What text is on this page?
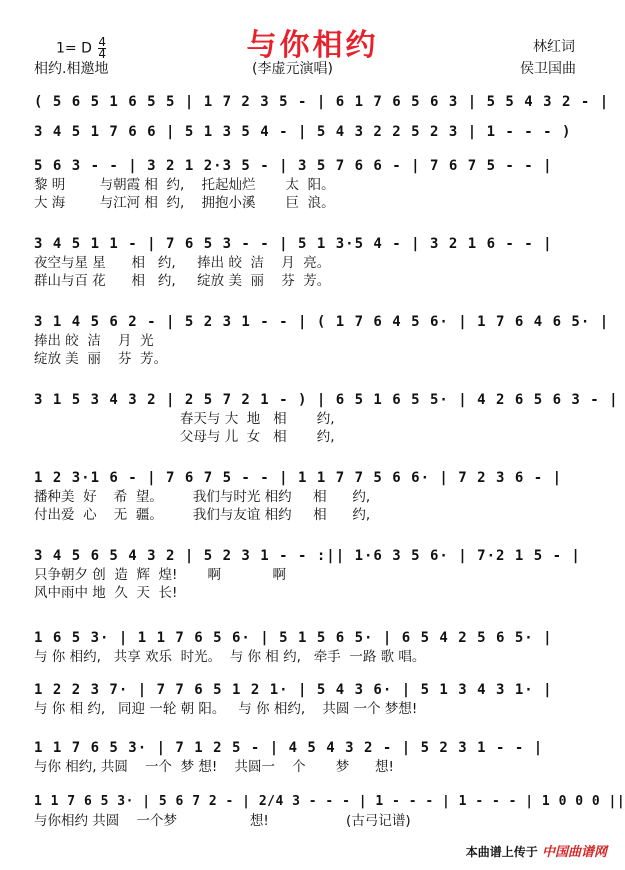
与你相约
1= D $\frac{4}{4}$
相约.相邀地	(李虚元演唱)
林红词
侯卫国曲
( 5 6 5 1 6 5 5 | 1 7 2 3 5 - | 6 1 7 6 5 6 3 | 5 5 4 3 2 - |
3 4 5 1 7 6 6 | 5 1 3 5 4 - | 5 4 3 2 2 5 2 3 | 1 - - - )
5 6 3 - - | 3 2 1 2·3 5 - | 3 5 7 6 6 - | 7 6 7 5 - - |
黎 明        与朝霞 相  约,    托起灿烂       太  阳。
大 海        与江河 相  约,    拥抱小溪       巨  浪。
3 4 5 1 1 - | 7 6 5 3 - - | 5 1 3·5 4 - | 3 2 1 6 - - |
夜空与星 星      相   约,     捧出 皎  洁    月  亮。
群山与百 花      相   约,     绽放 美  丽    芬  芳。
3 1 4 5 6 2 - | 5 2 3 1 - - | ( 1 7 6 4 5 6· | 1 7 6 4 6 5· |
捧出 皎  洁    月  光
绽放 美  丽    芬  芳。
3 1 5 3 4 3 2 | 2 5 7 2 1 - ) | 6 5 1 6 5 5· | 4 2 6 5 6 3 - |
春天与 大  地   相       约,
父母与 儿  女   相       约,
1 2 3·1 6 - | 7 6 7 5 - - | 1 1 7 7 5 6 6· | 7 2 3 6 - |
播种美  好    希  望。       我们与时光 相约     相      约,
付出爱  心    无  疆。       我们与友谊 相约     相      约,
3 4 5 6 5 4 3 2 | 5 2 3 1 - - :|| 1·6 3 5 6· | 7·2 1 5 - |
只争朝夕 创  造  辉  煌!       啊            啊
风中雨中 地  久  天  长!
1 6 5 3· | 1 1 7 6 5 6· | 5 1 5 6 5· | 6 5 4 2 5 6 5· |
与 你 相约,   共享 欢乐  时光。  与 你 相 约,   牵手  一路 歌 唱。
1 2 2 3 7· | 7 7 6 5 1 2 1· | 5 4 3 6· | 5 1 3 4 3 1· |
与 你 相 约,   同迎 一轮 朝 阳。   与 你 相约,    共圆 一个 梦想!
1 1 7 6 5 3· | 7 1 2 5 - | 4 5 4 3 2 - | 5 2 3 1 - - |
与你 相约, 共圆    一个  梦 想!    共圆一    个       梦      想!
1 1 7 6 5 3· | 5 6 7 2 - | 2/4 3 - - - | 1 - - - | 1 - - - | 1 0 0 0 ||
与你相约 共圆    一个梦                 想!                  (古弓记谱)
本曲谱上传于 中国曲谱网
